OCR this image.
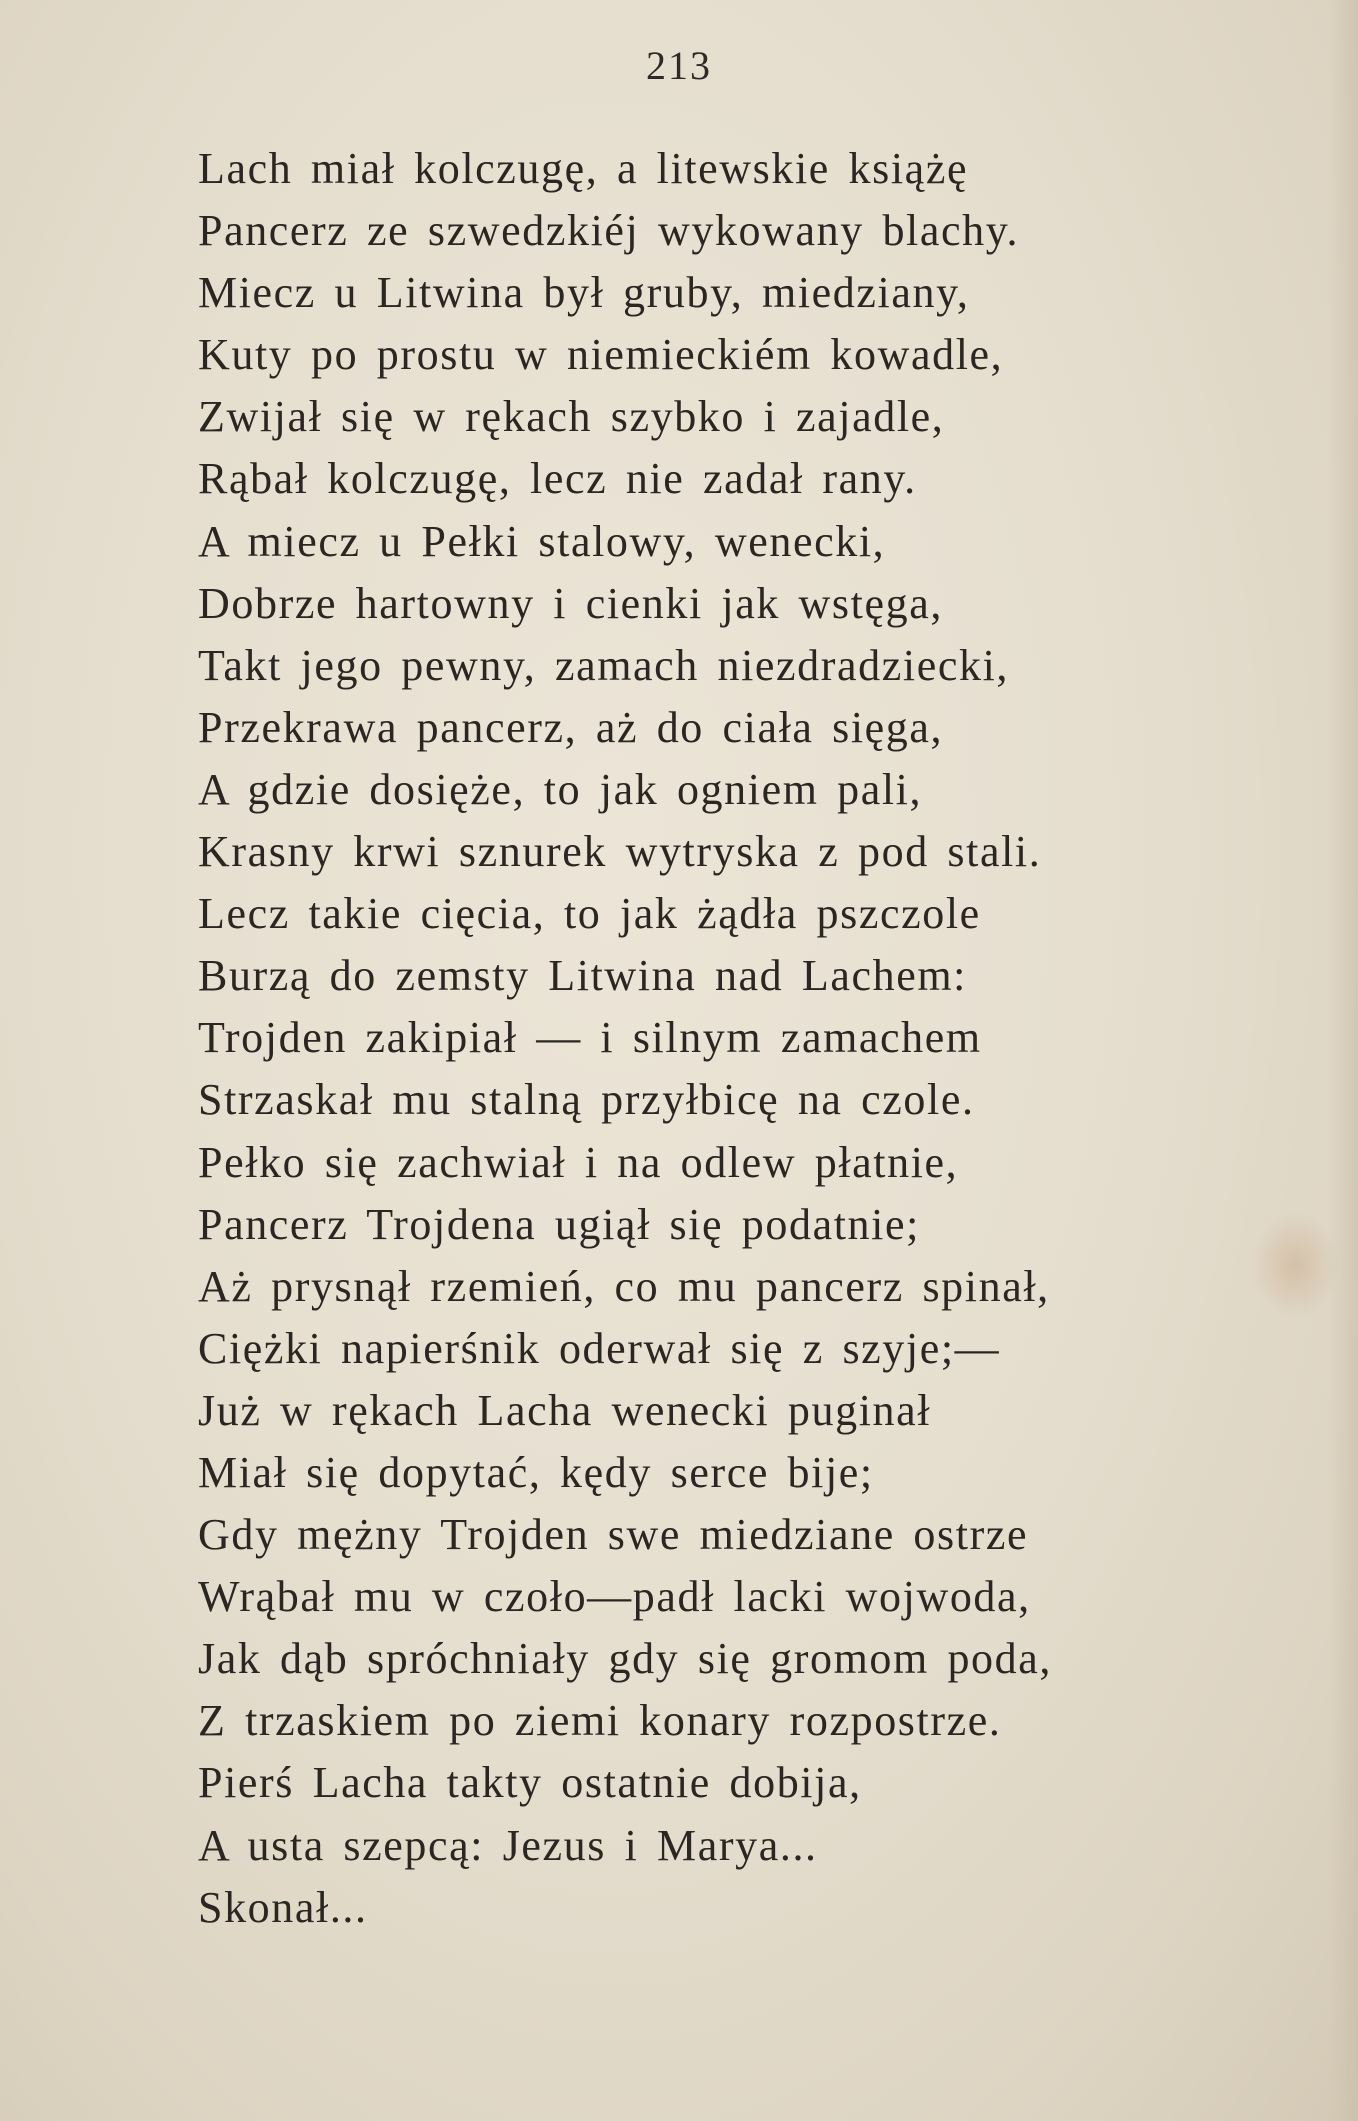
213
Lach miał kolczugę, a litewskie książę
Pancerz ze szwedzkiéj wykowany blachy.
Miecz u Litwina był gruby, miedziany,
Kuty po prostu w niemieckiém kowadle,
Zwijał się w rękach szybko i zajadle,
Rąbał kolczugę, lecz nie zadał rany.
A miecz u Pełki stalowy, wenecki,
Dobrze hartowny i cienki jak wstęga,
Takt jego pewny, zamach niezdradziecki,
Przekrawa pancerz, aż do ciała sięga,
A gdzie dosięże, to jak ogniem pali,
Krasny krwi sznurek wytryska z pod stali.
Lecz takie cięcia, to jak żądła pszczole
Burzą do zemsty Litwina nad Lachem:
Trojden zakipiał — i silnym zamachem
Strzaskał mu stalną przyłbicę na czole.
Pełko się zachwiał i na odlew płatnie,
Pancerz Trojdena ugiął się podatnie;
Aż prysnął rzemień, co mu pancerz spinał,
Ciężki napierśnik oderwał się z szyje;—
Już w rękach Lacha wenecki puginał
Miał się dopytać, kędy serce bije;
Gdy mężny Trojden swe miedziane ostrze
Wrąbał mu w czoło—padł lacki wojwoda,
Jak dąb spróchniały gdy się gromom poda,
Z trzaskiem po ziemi konary rozpostrze.
Pierś Lacha takty ostatnie dobija,
A usta szepcą: Jezus i Marya...
Skonał...
